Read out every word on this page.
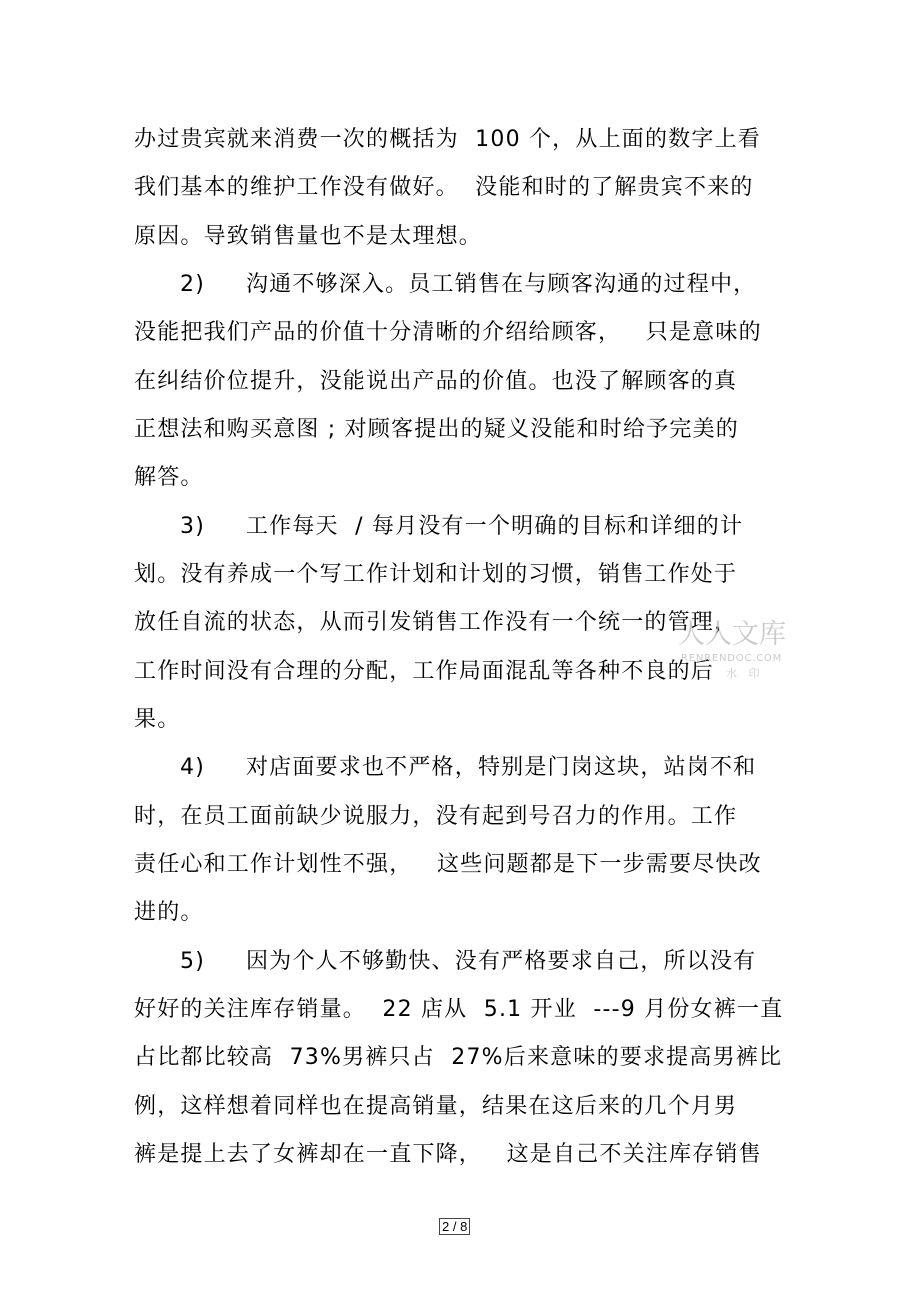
办过贵宾就来消费一次的概括为  100 个，从上面的数字上看
我们基本的维护工作没有做好。  没能和时的了解贵宾不来的
原因。导致销售量也不是太理想。
2)     沟通不够深入。员工销售在与顾客沟通的过程中，
没能把我们产品的价值十分清晰的介绍给顾客，   只是意味的
在纠结价位提升，没能说出产品的价值。也没了解顾客的真
正想法和购买意图 ; 对顾客提出的疑义没能和时给予完美的
解答。
3)     工作每天  / 每月没有一个明确的目标和详细的计
划。没有养成一个写工作计划和计划的习惯，销售工作处于
放任自流的状态，从而引发销售工作没有一个统一的管理，
工作时间没有合理的分配，工作局面混乱等各种不良的后
果。
4)     对店面要求也不严格，特别是门岗这块，站岗不和
时，在员工面前缺少说服力，没有起到号召力的作用。工作
责任心和工作计划性不强，   这些问题都是下一步需要尽快改
进的。
5)     因为个人不够勤快、没有严格要求自己，所以没有
好好的关注库存销量。  22 店从  5.1 开业  ---9 月份女裤一直
占比都比较高  73%男裤只占  27%后来意味的要求提高男裤比
例，这样想着同样也在提高销量，结果在这后来的几个月男
裤是提上去了女裤却在一直下降，   这是自己不关注库存销售
人人文库
RENRENDOC.COM
水 印
2 / 8
